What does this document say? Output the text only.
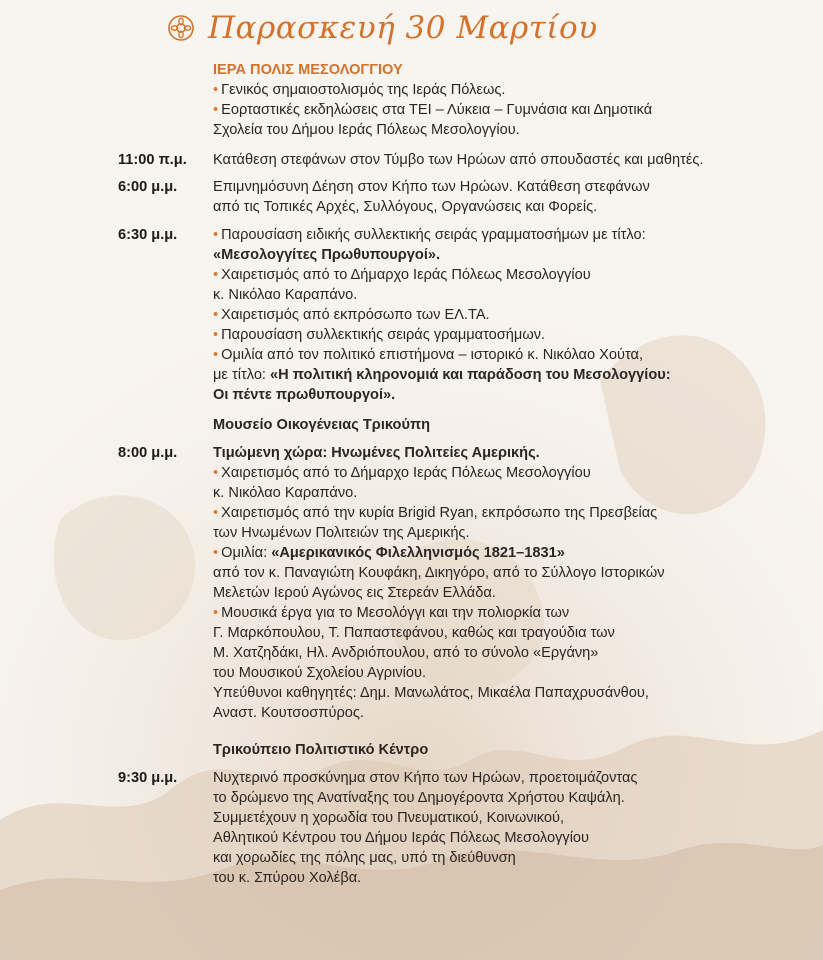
Παρασκευή 30 Μαρτίου
ΙΕΡΑ ΠΟΛΙΣ ΜΕΣΟΛΟΓΓΙΟΥ
• Γενικός σημαιοστολισμός της Ιεράς Πόλεως.
• Εορταστικές εκδηλώσεις στα ΤΕΙ – Λύκεια – Γυμνάσια και Δημοτικά
Σχολεία του Δήμου Ιεράς Πόλεως Μεσολογγίου.
11:00 π.μ.	Κατάθεση στεφάνων στον Τύμβο των Ηρώων από σπουδαστές και μαθητές.
6:00 μ.μ.	Επιμνημόσυνη Δέηση στον Κήπο των Ηρώων. Κατάθεση στεφάνων
από τις Τοπικές Αρχές, Συλλόγους, Οργανώσεις και Φορείς.
6:30 μ.μ.	• Παρουσίαση ειδικής συλλεκτικής σειράς γραμματοσήμων με τίτλο:
«Μεσολογγίτες Πρωθυπουργοί».
• Χαιρετισμός από το Δήμαρχο Ιεράς Πόλεως Μεσολογγίου
κ. Νικόλαο Καραπάνο.
• Χαιρετισμός από εκπρόσωπο των ΕΛ.ΤΑ.
• Παρουσίαση συλλεκτικής σειράς γραμματοσήμων.
• Ομιλία από τον πολιτικό επιστήμονα – ιστορικό κ. Νικόλαο Χούτα,
με τίτλο: «Η πολιτική κληρονομιά και παράδοση του Μεσολογγίου:
Οι πέντε πρωθυπουργοί».
Μουσείο Οικογένειας Τρικούπη
8:00 μ.μ.	Τιμώμενη χώρα: Ηνωμένες Πολιτείες Αμερικής.
• Χαιρετισμός από το Δήμαρχο Ιεράς Πόλεως Μεσολογγίου
κ. Νικόλαο Καραπάνο.
• Χαιρετισμός από την κυρία Brigid Ryan, εκπρόσωπο της Πρεσβείας
των Ηνωμένων Πολιτειών της Αμερικής.
• Ομιλία: «Αμερικανικός Φιλελληνισμός 1821–1831»
από τον κ. Παναγιώτη Κουφάκη, Δικηγόρο, από το Σύλλογο Ιστορικών
Μελετών Ιερού Αγώνος εις Στερεάν Ελλάδα.
• Μουσικά έργα για το Μεσολόγγι και την πολιορκία των
Γ. Μαρκόπουλου, Τ. Παπαστεφάνου, καθώς και τραγούδια των
Μ. Χατζηδάκι, Ηλ. Ανδριόπουλου, από το σύνολο «Εργάνη»
του Μουσικού Σχολείου Αγρινίου.
Υπεύθυνοι καθηγητές: Δημ. Μανωλάτος, Μικαέλα Παπαχρυσάνθου,
Αναστ. Κουτσοσπύρος.
Τρικούπειο Πολιτιστικό Κέντρο
9:30 μ.μ.	Νυχτερινό προσκύνημα στον Κήπο των Ηρώων, προετοιμάζοντας
το δρώμενο της Ανατίναξης του Δημογέροντα Χρήστου Καψάλη.
Συμμετέχουν η χορωδία του Πνευματικού, Κοινωνικού,
Αθλητικού Κέντρου του Δήμου Ιεράς Πόλεως Μεσολογγίου
και χορωδίες της πόλης μας, υπό τη διεύθυνση
του κ. Σπύρου Χολέβα.
